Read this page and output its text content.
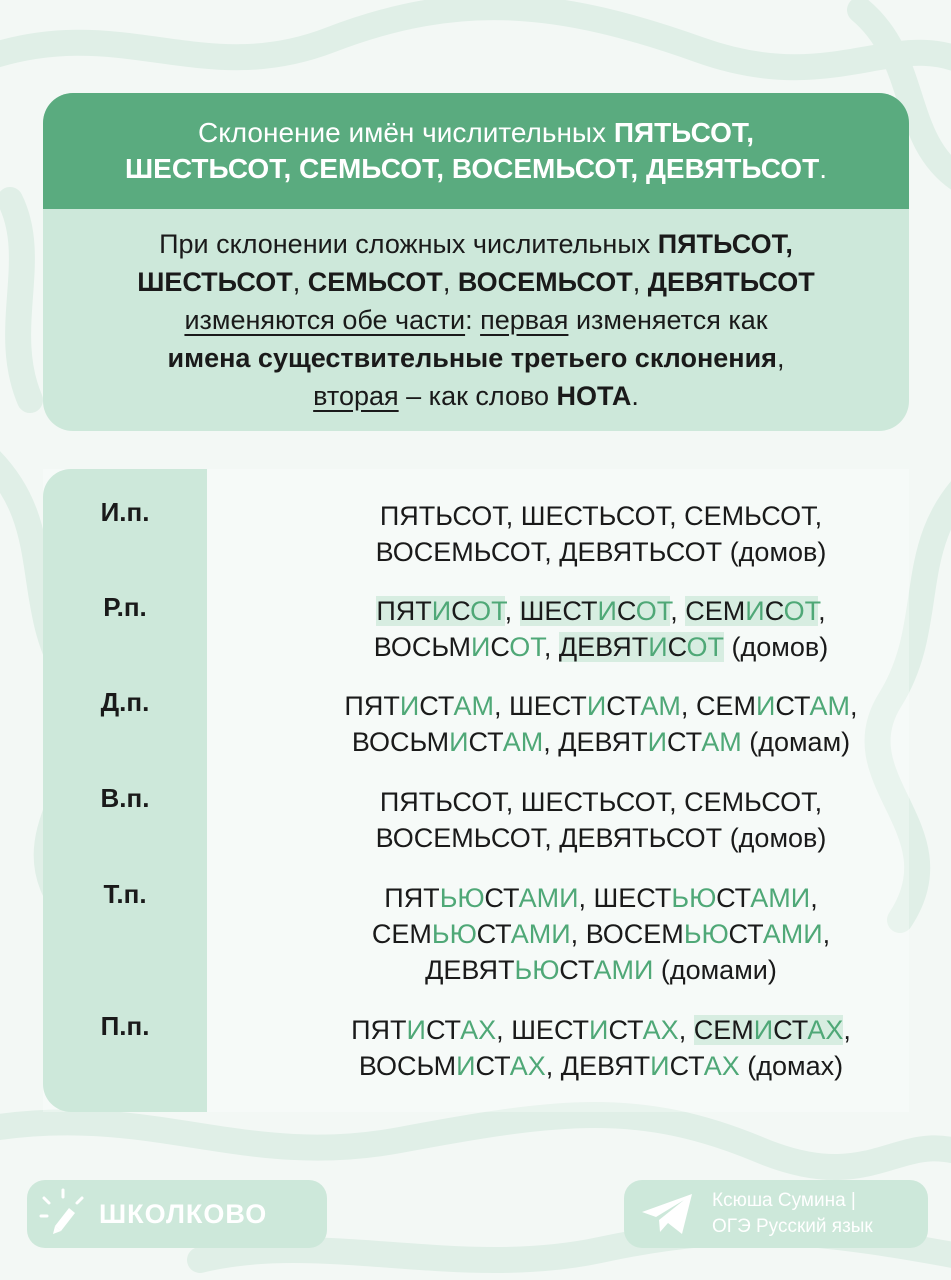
Склонение имён числительных ПЯТЬСОТ,
ШЕСТЬСОТ, СЕМЬСОТ, ВОСЕМЬСОТ, ДЕВЯТЬСОТ.
При склонении сложных числительных ПЯТЬСОТ,
ШЕСТЬСОТ, СЕМЬСОТ, ВОСЕМЬСОТ, ДЕВЯТЬСОТ
изменяются обе части: первая изменяется как
имена существительные третьего склонения,
вторая – как слово НОТА.
И.п.	ПЯТЬСОТ, ШЕСТЬСОТ, СЕМЬСОТ,
ВОСЕМЬСОТ, ДЕВЯТЬСОТ (домов)
Р.п.	ПЯТИСОТ, ШЕСТИСОТ, СЕМИСОТ,
ВОСЬМИСОТ, ДЕВЯТИСОТ (домов)
Д.п.	ПЯТИСТАМ, ШЕСТИСТАМ, СЕМИСТАМ,
ВОСЬМИСТАМ, ДЕВЯТИСТАМ (домам)
В.п.	ПЯТЬСОТ, ШЕСТЬСОТ, СЕМЬСОТ,
ВОСЕМЬСОТ, ДЕВЯТЬСОТ (домов)
Т.п.	ПЯТЬЮСТАМИ, ШЕСТЬЮСТАМИ,
СЕМЬЮСТАМИ, ВОСЕМЬЮСТАМИ,
ДЕВЯТЬЮСТАМИ (домами)
П.п.	ПЯТИСТАХ, ШЕСТИСТАХ, СЕМИСТАХ,
ВОСЬМИСТАХ, ДЕВЯТИСТАХ (домах)
ШКОЛКОВО	Ксюша Сумина |
ОГЭ Русский язык
